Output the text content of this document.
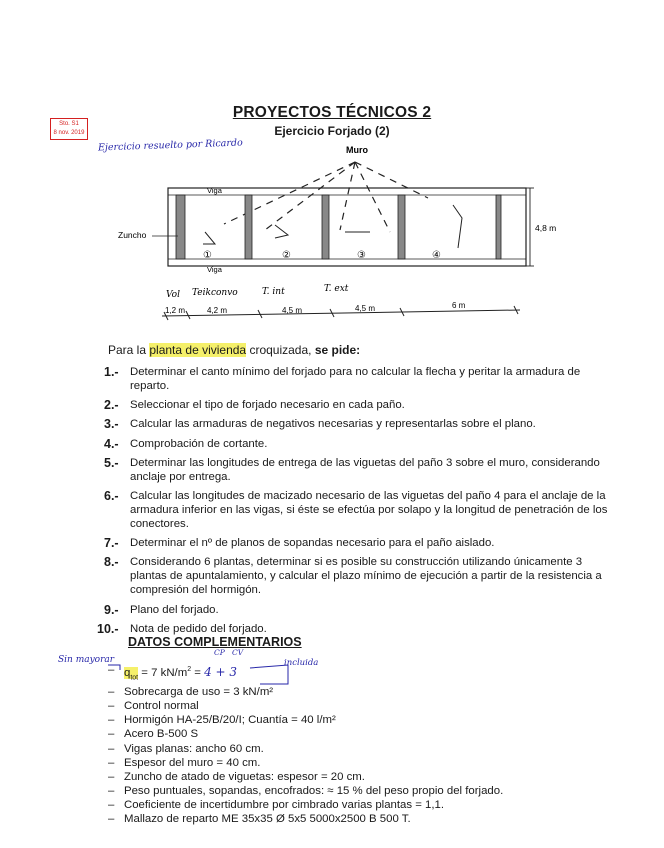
Sto. S1
8 nov. 2019
PROYECTOS TÉCNICOS 2
Ejercicio Forjado (2)
Ejercicio resuelto por Ricardo	Muro
Viga
Viga
Zuncho
①	②	③	④
4,8 m
Vol Teikconvo	T. int	T. ext
1,2 m	4,2 m	4,5 m	4,5 m	6 m
Para la planta de vivienda croquizada, se pide:
1.- Determinar el canto mínimo del forjado para no calcular la flecha y peritar la armadura de reparto.
2.- Seleccionar el tipo de forjado necesario en cada paño.
3.- Calcular las armaduras de negativos necesarias y representarlas sobre el plano.
4.- Comprobación de cortante.
5.- Determinar las longitudes de entrega de las viguetas del paño 3 sobre el muro, considerando anclaje por entrega.
6.- Calcular las longitudes de macizado necesario de las viguetas del paño 4 para el anclaje de la armadura inferior en las vigas, si éste se efectúa por solapo y la longitud de penetración de los conectores.
7.- Determinar el nº de planos de sopandas necesario para el paño aislado.
8.- Considerando 6 plantas, determinar si es posible su construcción utilizando únicamente 3 plantas de apuntalamiento, y calcular el plazo mínimo de ejecución a partir de la resistencia a compresión del hormigón.
9.- Plano del forjado.
10.- Nota de pedido del forjado.
DATOS COMPLEMENTARIOS
Sin mayorar
CP CV
incluida
– $q_{tot} = 7$ $kN/m^2 = 4 + 3$
– Sobrecarga de uso = 3 kN/m²
– Control normal
– Hormigón HA-25/B/20/I; Cuantía = 40 l/m²
– Acero B-500 S
– Vigas planas: ancho 60 cm.
– Espesor del muro = 40 cm.
– Zuncho de atado de viguetas: espesor = 20 cm.
– Peso puntuales, sopandas, encofrados: ≈ 15 % del peso propio del forjado.
– Coeficiente de incertidumbre por cimbrado varias plantas = 1,1.
– Mallazo de reparto ME 35x35 Ø 5x5 5000x2500 B 500 T.
